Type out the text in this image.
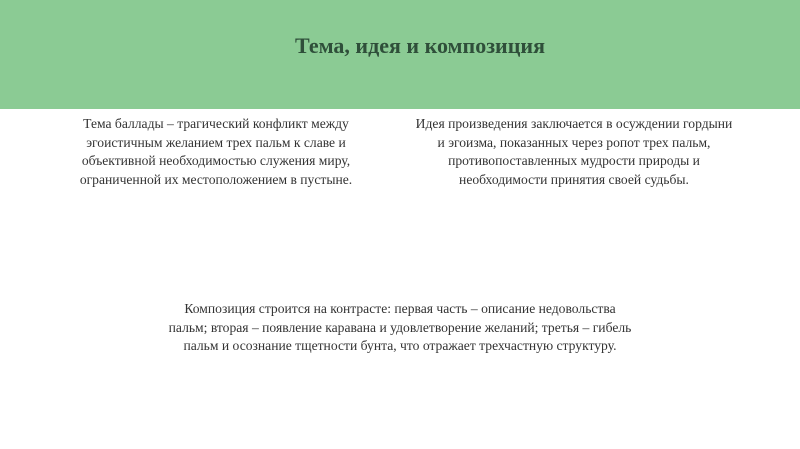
Тема, идея и композиция
Тема баллады – трагический конфликт между
эгоистичным желанием трех пальм к славе и
объективной необходимостью служения миру,
ограниченной их местоположением в пустыне.
Идея произведения заключается в осуждении гордыни
и эгоизма, показанных через ропот трех пальм,
противопоставленных мудрости природы и
необходимости принятия своей судьбы.
Композиция строится на контрасте: первая часть – описание недовольства
пальм; вторая – появление каравана и удовлетворение желаний; третья – гибель
пальм и осознание тщетности бунта, что отражает трехчастную структуру.
